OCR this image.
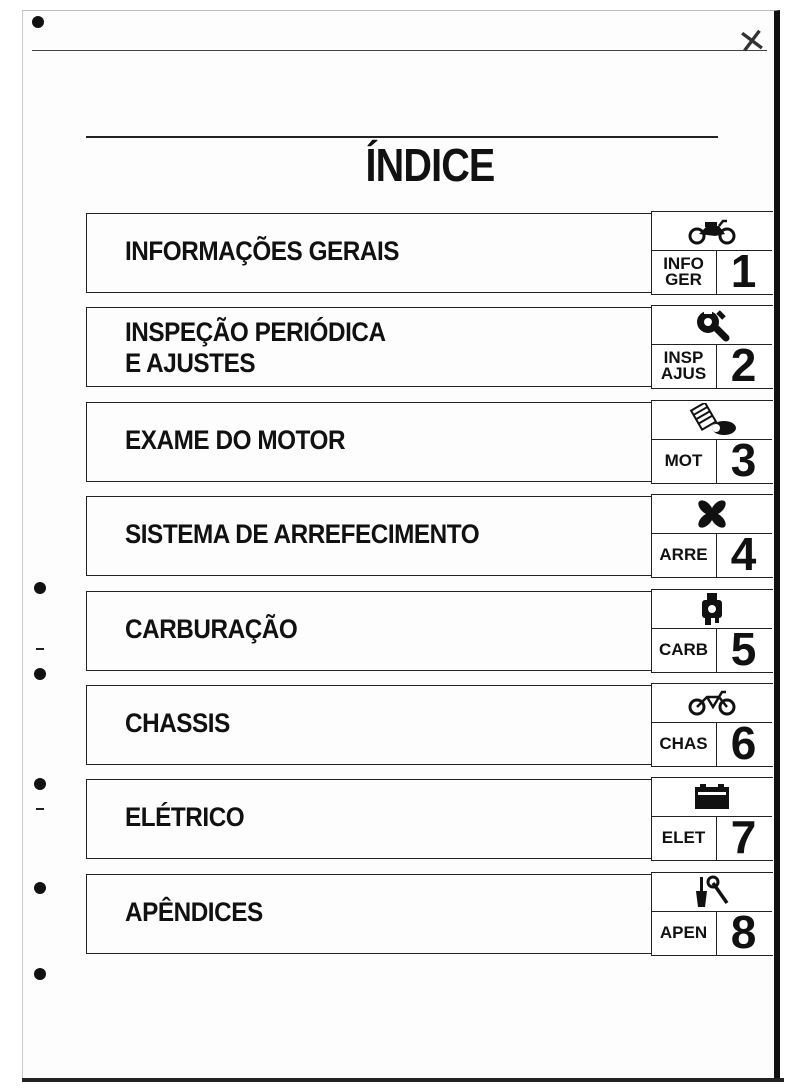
✕
ÍNDICE
INFORMAÇÕES GERAIS	INFO
GER 1
INSPEÇÃO PERIÓDICA
E AJUSTES	INSP
AJUS 2
EXAME DO MOTOR
MOT 3
SISTEMA DE ARREFECIMENTO
ARRE 4
CARBURAÇÃO
CARB 5
CHASSIS
CHAS 6
ELÉTRICO
ELET 7
APÊNDICES
APEN 8
